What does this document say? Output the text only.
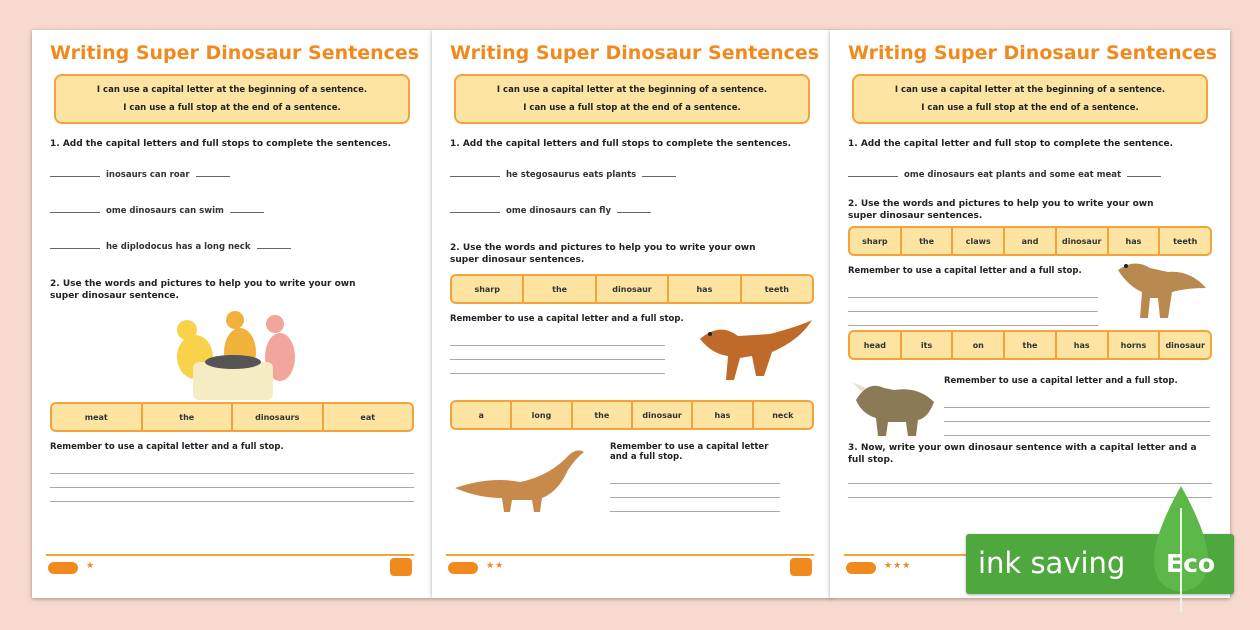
Writing Super Dinosaur Sentences
I can use a capital letter at the beginning of a sentence.
I can use a full stop at the end of a sentence.
1. Add the capital letters and full stops to complete the sentences.
inosaurs can roar
ome dinosaurs can swim
he diplodocus has a long neck
2. Use the words and pictures to help you to write your own super dinosaur sentence.
meat	the	dinosaurs	eat
Remember to use a capital letter and a full stop.
★
Writing Super Dinosaur Sentences
I can use a capital letter at the beginning of a sentence.
I can use a full stop at the end of a sentence.
1. Add the capital letters and full stops to complete the sentences.
he stegosaurus eats plants
ome dinosaurs can fly
2. Use the words and pictures to help you to write your own super dinosaur sentences.
sharp	the	dinosaur	has	teeth
Remember to use a capital letter and a full stop.
a	long	the	dinosaur	has	neck
Remember to use a capital letter and a full stop.
★★
Writing Super Dinosaur Sentences
I can use a capital letter at the beginning of a sentence.
I can use a full stop at the end of a sentence.
1. Add the capital letter and full stop to complete the sentence.
ome dinosaurs eat plants and some eat meat
2. Use the words and pictures to help you to write your own super dinosaur sentences.
sharp	the	claws	and	dinosaur	has	teeth
Remember to use a capital letter and a full stop.
head	its	on	the	has	horns	dinosaur
Remember to use a capital letter and a full stop.
3. Now, write your own dinosaur sentence with a capital letter and a full stop.
★★★ ink saving Eco
